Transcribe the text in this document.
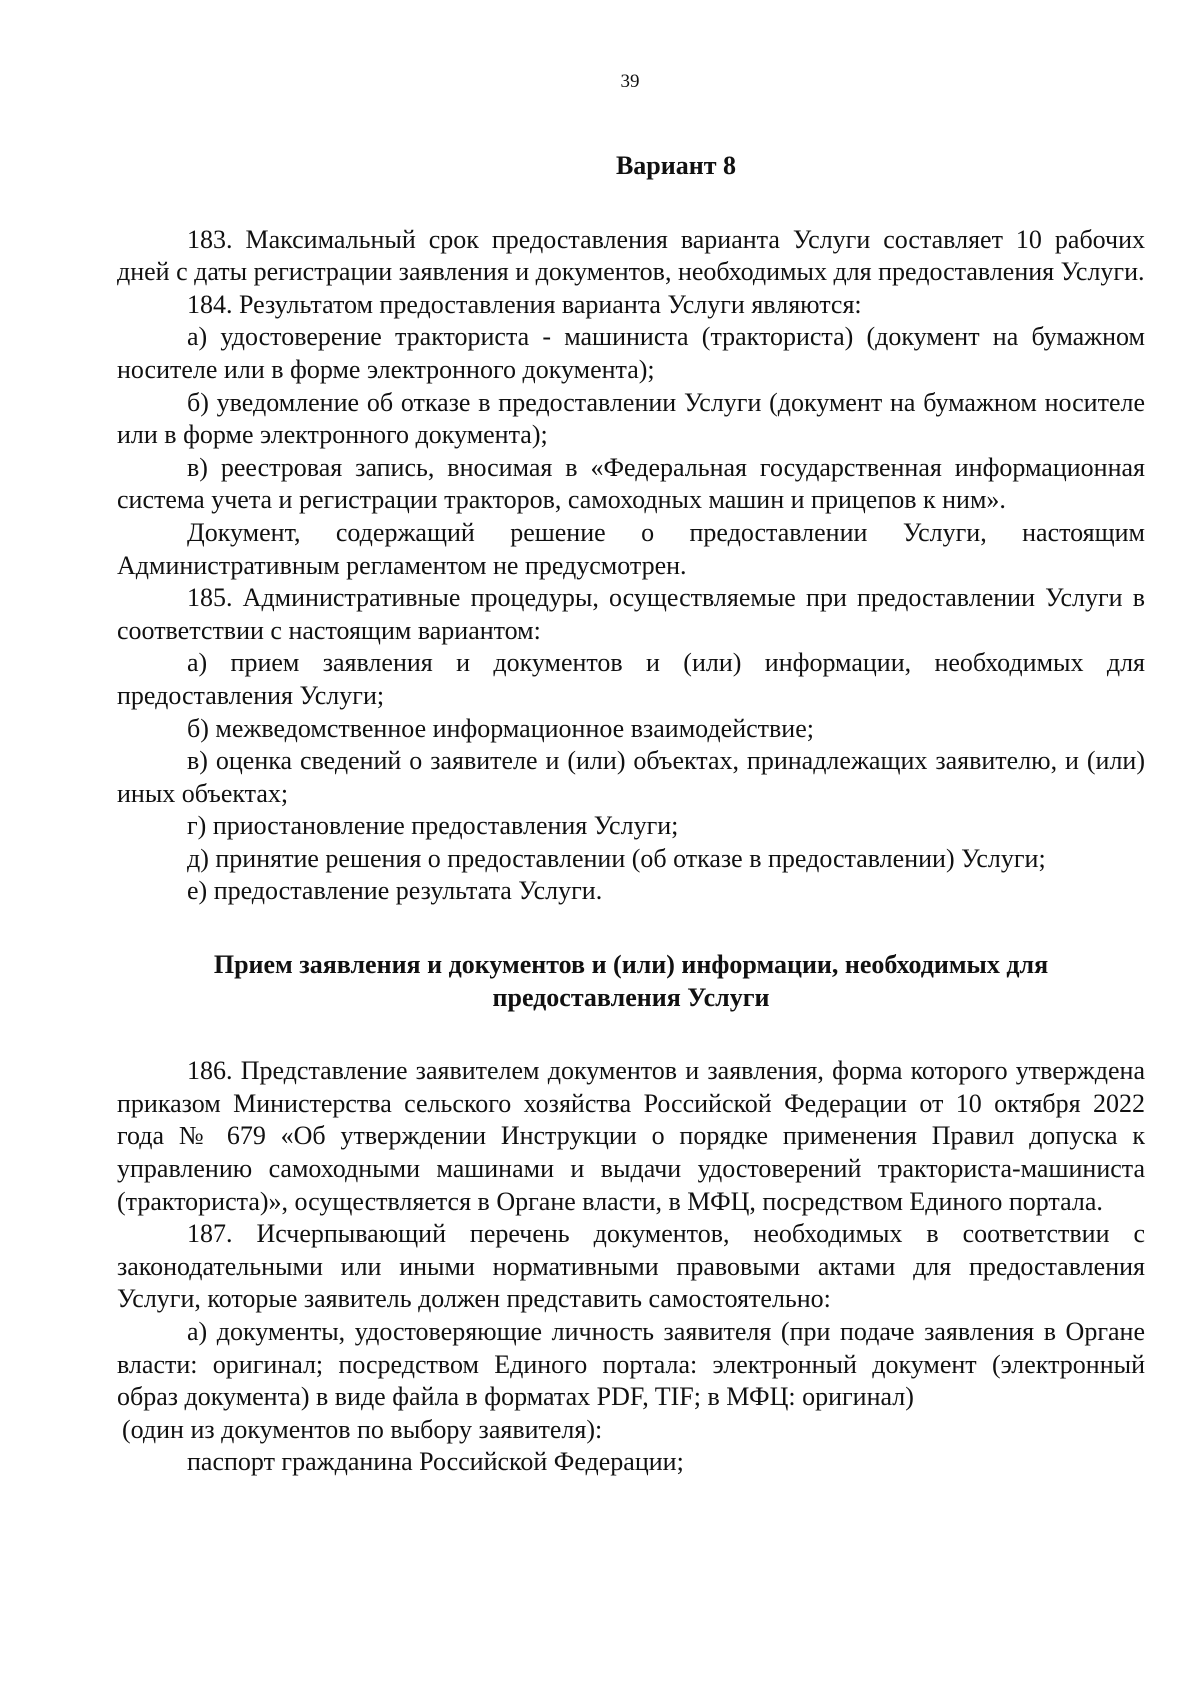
39

Вариант 8

183. Максимальный срок предоставления варианта Услуги составляет 10 рабочих дней с даты регистрации заявления и документов, необходимых для предоставления Услуги.

184. Результатом предоставления варианта Услуги являются:

а) удостоверение тракториста - машиниста (тракториста) (документ на бумажном носителе или в форме электронного документа);

б) уведомление об отказе в предоставлении Услуги (документ на бумажном носителе или в форме электронного документа);

в) реестровая запись, вносимая в «Федеральная государственная информационная система учета и регистрации тракторов, самоходных машин и прицепов к ним».

Документ, содержащий решение о предоставлении Услуги, настоящим Административным регламентом не предусмотрен.

185. Административные процедуры, осуществляемые при предоставлении Услуги в соответствии с настоящим вариантом:

а) прием заявления и документов и (или) информации, необходимых для предоставления Услуги;

б) межведомственное информационное взаимодействие;

в) оценка сведений о заявителе и (или) объектах, принадлежащих заявителю, и (или) иных объектах;

г) приостановление предоставления Услуги;

д) принятие решения о предоставлении (об отказе в предоставлении) Услуги;

е) предоставление результата Услуги.

Прием заявления и документов и (или) информации, необходимых для предоставления Услуги

186. Представление заявителем документов и заявления, форма которого утверждена приказом Министерства сельского хозяйства Российской Федерации от 10 октября 2022 года № 679 «Об утверждении Инструкции о порядке применения Правил допуска к управлению самоходными машинами и выдачи удостоверений тракториста-машиниста (тракториста)», осуществляется в Органе власти, в МФЦ, посредством Единого портала.

187. Исчерпывающий перечень документов, необходимых в соответствии с законодательными или иными нормативными правовыми актами для предоставления Услуги, которые заявитель должен представить самостоятельно:

а) документы, удостоверяющие личность заявителя (при подаче заявления в Органе власти: оригинал; посредством Единого портала: электронный документ (электронный образ документа) в виде файла в форматах PDF, TIF; в МФЦ: оригинал)

(один из документов по выбору заявителя):

паспорт гражданина Российской Федерации;
